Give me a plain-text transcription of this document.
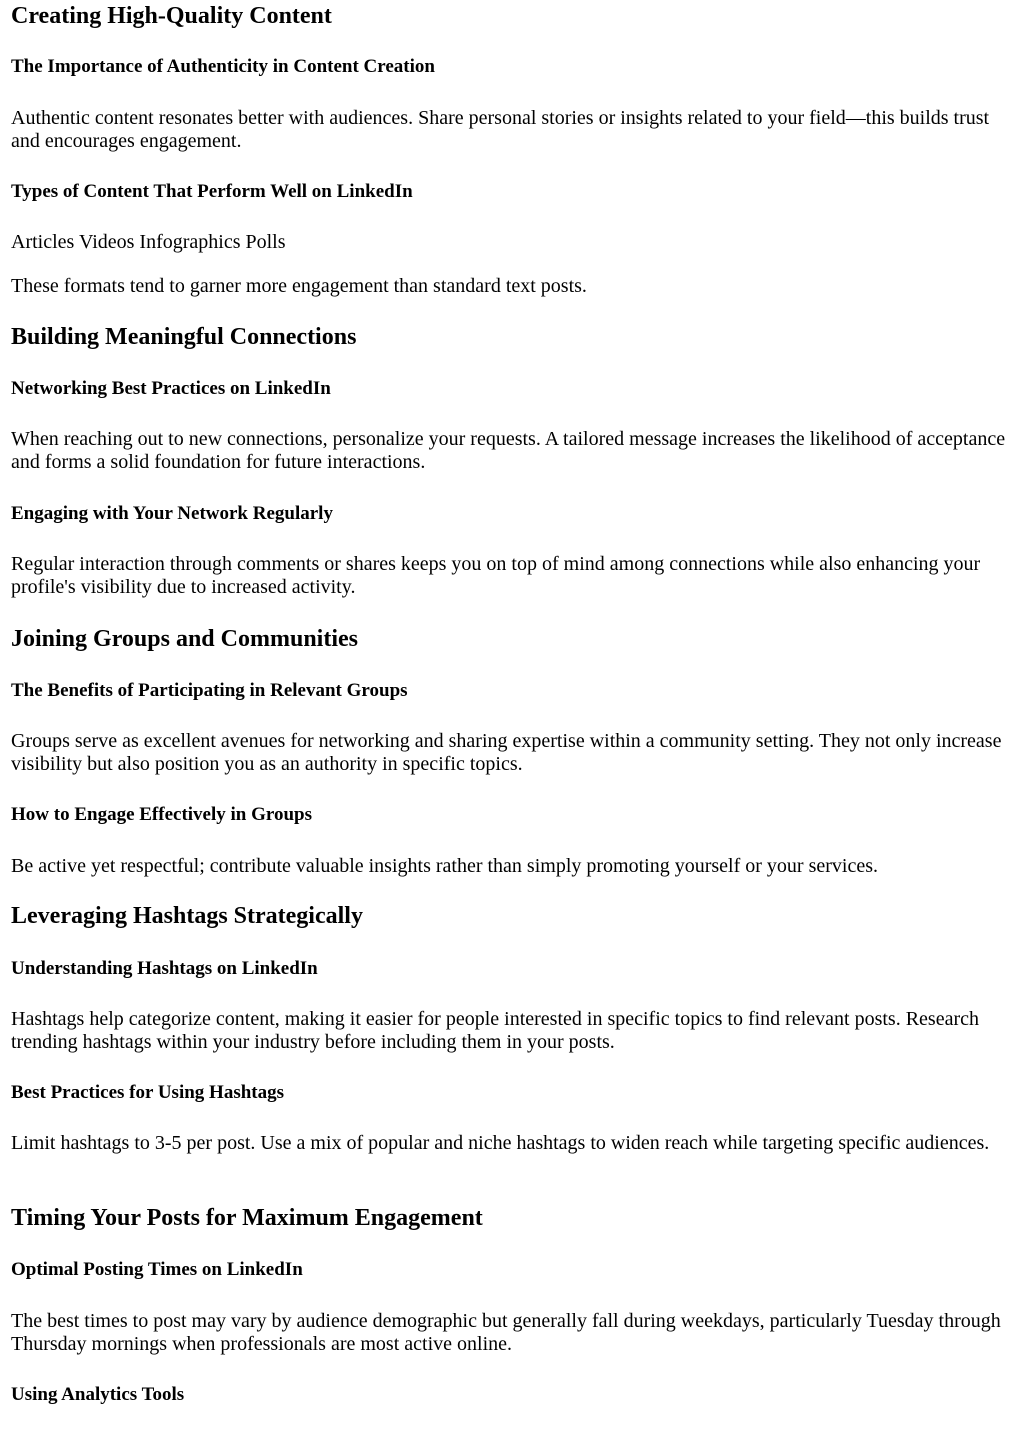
Creating High-Quality Content
The Importance of Authenticity in Content Creation

Authentic content resonates better with audiences. Share personal stories or insights related to your field—this builds trust and encourages engagement.

Types of Content That Perform Well on LinkedIn

Articles Videos Infographics Polls

These formats tend to garner more engagement than standard text posts.

Building Meaningful Connections
Networking Best Practices on LinkedIn

When reaching out to new connections, personalize your requests. A tailored message increases the likelihood of acceptance and forms a solid foundation for future interactions.

Engaging with Your Network Regularly

Regular interaction through comments or shares keeps you on top of mind among connections while also enhancing your profile's visibility due to increased activity.

Joining Groups and Communities
The Benefits of Participating in Relevant Groups

Groups serve as excellent avenues for networking and sharing expertise within a community setting. They not only increase visibility but also position you as an authority in specific topics.

How to Engage Effectively in Groups

Be active yet respectful; contribute valuable insights rather than simply promoting yourself or your services.

Leveraging Hashtags Strategically
Understanding Hashtags on LinkedIn

Hashtags help categorize content, making it easier for people interested in specific topics to find relevant posts. Research trending hashtags within your industry before including them in your posts.

Best Practices for Using Hashtags

Limit hashtags to 3-5 per post. Use a mix of popular and niche hashtags to widen reach while targeting specific audiences.

Timing Your Posts for Maximum Engagement
Optimal Posting Times on LinkedIn

The best times to post may vary by audience demographic but generally fall during weekdays, particularly Tuesday through Thursday mornings when professionals are most active online.

Using Analytics Tools
